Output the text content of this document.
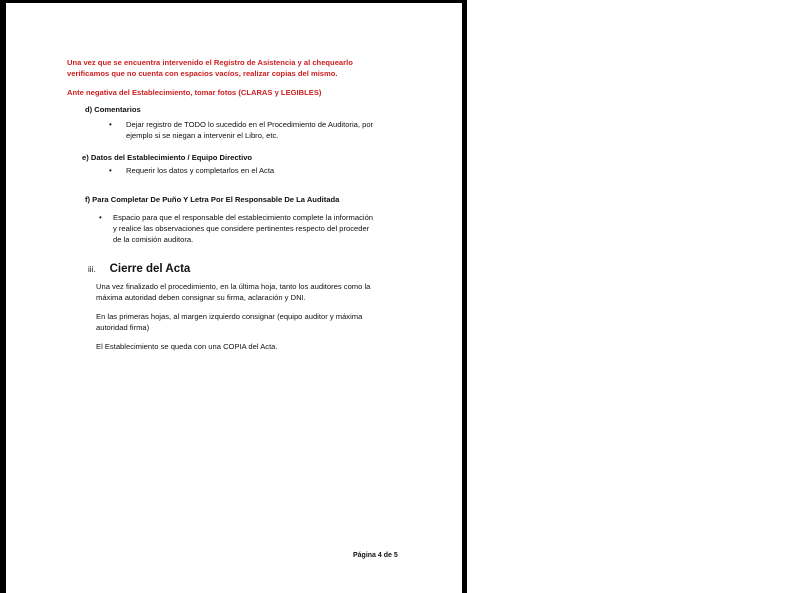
Una vez que se encuentra intervenido el Registro de Asistencia y al chequearlo

verificamos que no cuenta con espacios vacíos, realizar copias del mismo.

Ante negativa del Establecimiento, tomar fotos (CLARAS y LEGIBLES)

d) Comentarios

• Dejar registro de TODO lo sucedido en el Procedimiento de Auditoria, por

ejemplo si se niegan a intervenir el Libro, etc.

e) Datos del Establecimiento / Equipo Directivo

• Requerir los datos y completarlos en el Acta

f) Para Completar De Puño Y Letra Por El Responsable De La Auditada

• Espacio para que el responsable del establecimiento complete la información

y realice las observaciones que considere pertinentes respecto del proceder

de la comisión auditora.

iii. Cierre del Acta

Una vez finalizado el procedimiento, en la última hoja, tanto los auditores como la

máxima autoridad deben consignar su firma, aclaración y DNI.

En las primeras hojas, al margen izquierdo consignar (equipo auditor y máxima

autoridad firma)

El Establecimiento se queda con una COPIA del Acta.

Página 4 de 5
